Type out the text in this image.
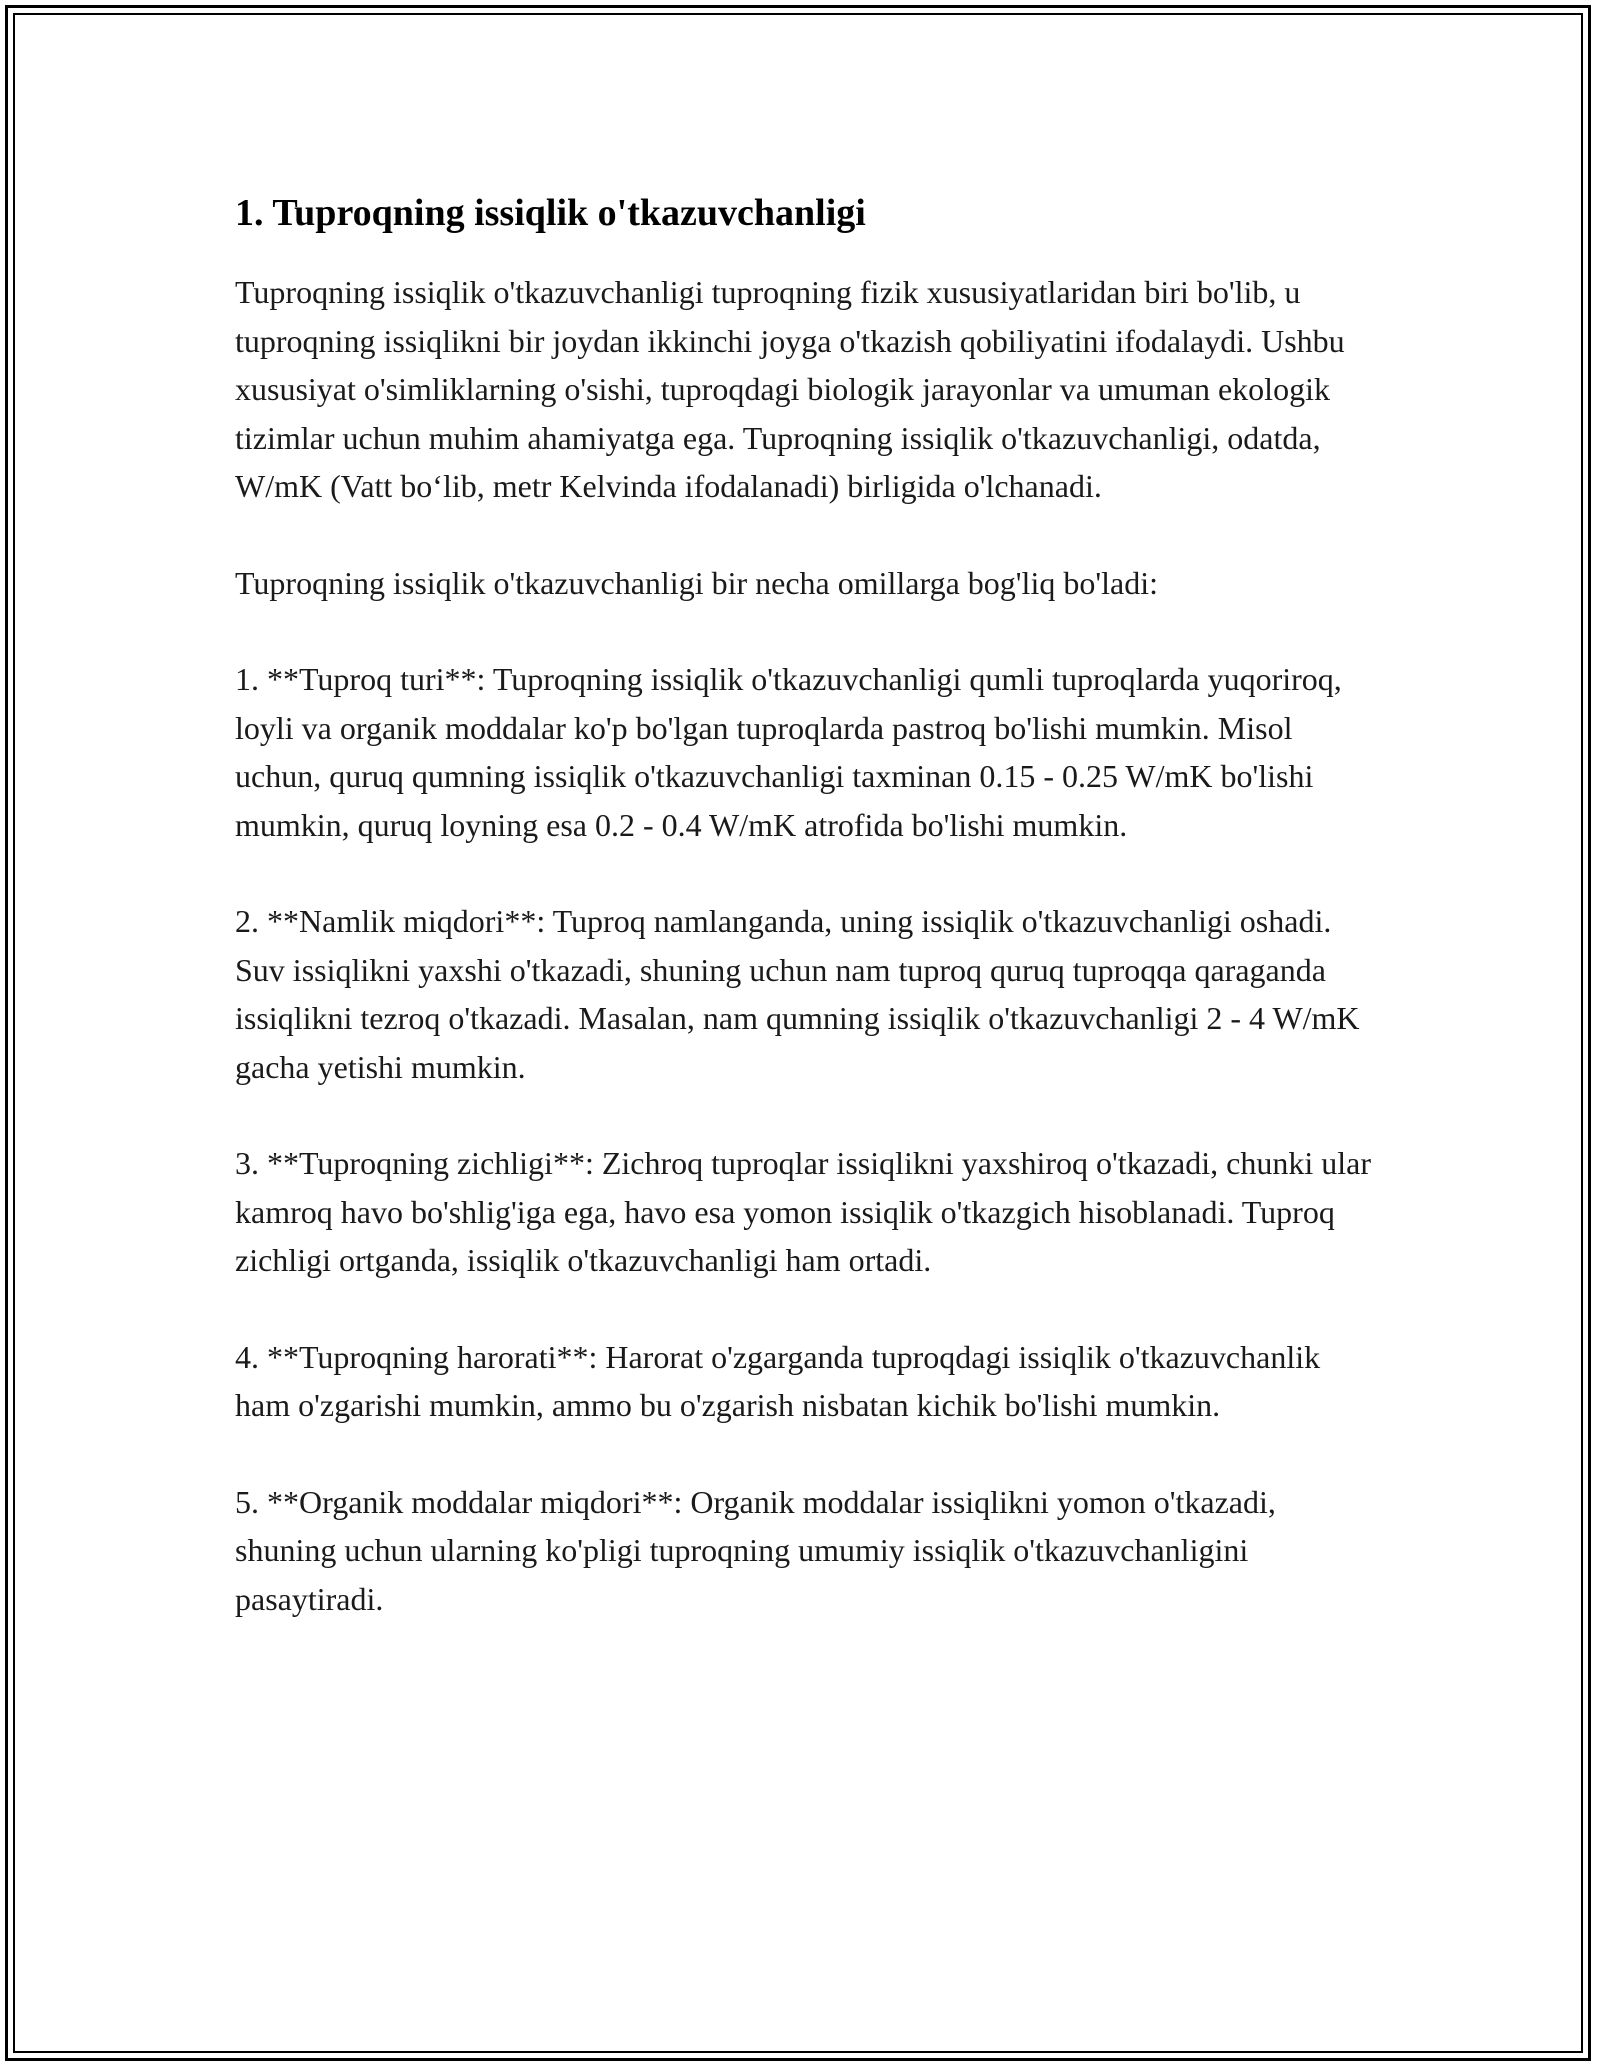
1. Tuproqning issiqlik o'tkazuvchanligi

Tuproqning issiqlik o'tkazuvchanligi tuproqning fizik xususiyatlaridan biri bo'lib, u tuproqning issiqlikni bir joydan ikkinchi joyga o'tkazish qobiliyatini ifodalaydi. Ushbu xususiyat o'simliklarning o'sishi, tuproqdagi biologik jarayonlar va umuman ekologik tizimlar uchun muhim ahamiyatga ega. Tuproqning issiqlik o'tkazuvchanligi, odatda, W/mK (Vatt bo‘lib, metr Kelvinda ifodalanadi) birligida o'lchanadi.

Tuproqning issiqlik o'tkazuvchanligi bir necha omillarga bog'liq bo'ladi:

1. **Tuproq turi**: Tuproqning issiqlik o'tkazuvchanligi qumli tuproqlarda yuqoriroq, loyli va organik moddalar ko'p bo'lgan tuproqlarda pastroq bo'lishi mumkin. Misol uchun, quruq qumning issiqlik o'tkazuvchanligi taxminan 0.15 - 0.25 W/mK bo'lishi mumkin, quruq loyning esa 0.2 - 0.4 W/mK atrofida bo'lishi mumkin.

2. **Namlik miqdori**: Tuproq namlanganda, uning issiqlik o'tkazuvchanligi oshadi. Suv issiqlikni yaxshi o'tkazadi, shuning uchun nam tuproq quruq tuproqqa qaraganda issiqlikni tezroq o'tkazadi. Masalan, nam qumning issiqlik o'tkazuvchanligi 2 - 4 W/mK gacha yetishi mumkin.

3. **Tuproqning zichligi**: Zichroq tuproqlar issiqlikni yaxshiroq o'tkazadi, chunki ular kamroq havo bo'shlig'iga ega, havo esa yomon issiqlik o'tkazgich hisoblanadi. Tuproq zichligi ortganda, issiqlik o'tkazuvchanligi ham ortadi.

4. **Tuproqning harorati**: Harorat o'zgarganda tuproqdagi issiqlik o'tkazuvchanlik ham o'zgarishi mumkin, ammo bu o'zgarish nisbatan kichik bo'lishi mumkin.

5. **Organik moddalar miqdori**: Organik moddalar issiqlikni yomon o'tkazadi, shuning uchun ularning ko'pligi tuproqning umumiy issiqlik o'tkazuvchanligini pasaytiradi.
